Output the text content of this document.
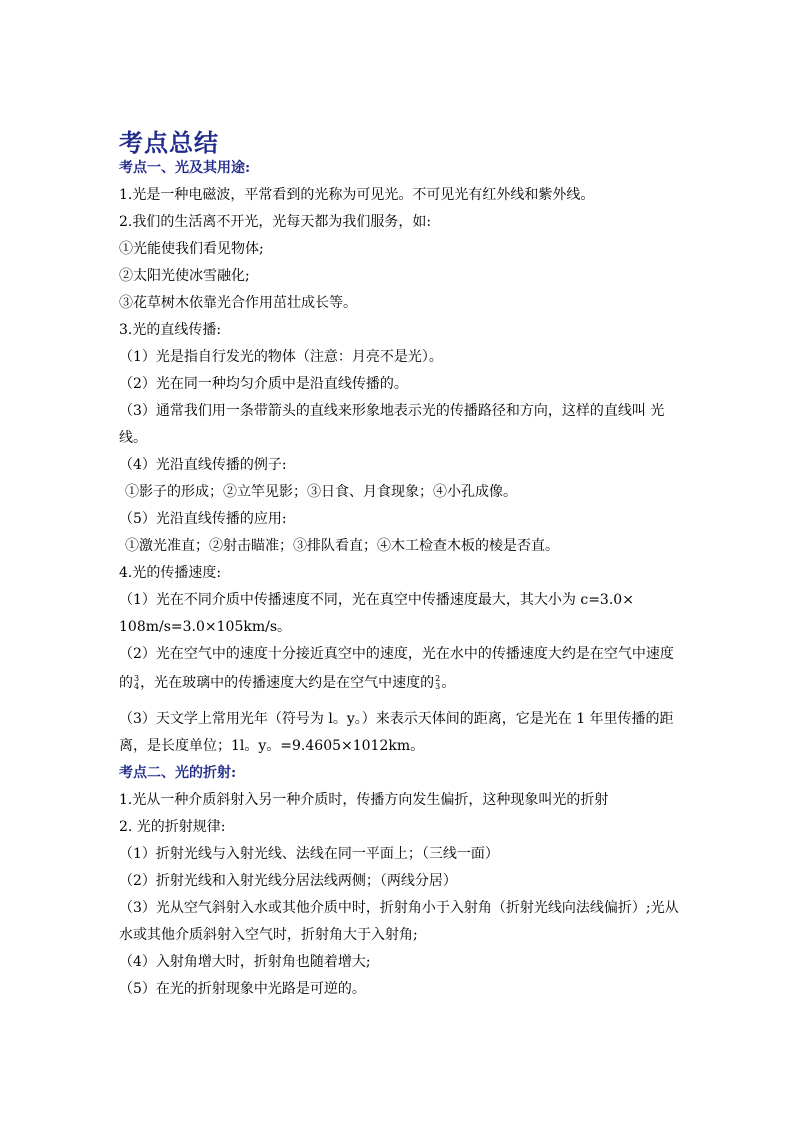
考点总结
考点一、光及其用途:
1.光是一种电磁波，平常看到的光称为可见光。不可见光有红外线和紫外线。
2.我们的生活离不开光，光每天都为我们服务，如:
①光能使我们看见物体;
②太阳光使冰雪融化;
③花草树木依靠光合作用茁壮成长等。
3.光的直线传播:
（1）光是指自行发光的物体（注意：月亮不是光）。
（2）光在同一种均匀介质中是沿直线传播的。
（3）通常我们用一条带箭头的直线来形象地表示光的传播路径和方向，这样的直线叫 光
线。
（4）光沿直线传播的例子:
①影子的形成；②立竿见影；③日食、月食现象；④小孔成像。
（5）光沿直线传播的应用:
①激光准直；②射击瞄准；③排队看直；④木工检查木板的棱是否直。
4.光的传播速度:
（1）光在不同介质中传播速度不同，光在真空中传播速度最大，其大小为 c=3.0×
108m/s=3.0×105km/s。
（2）光在空气中的速度十分接近真空中的速度，光在水中的传播速度大约是在空气中速度
的 3
4 ，光在玻璃中的传播速度大约是在空气中速度的 2
3 。
（3）天文学上常用光年（符号为 l。y。）来表示天体间的距离，它是光在 1 年里传播的距
离，是长度单位；1l。y。=9.4605×1012km。
考点二、光的折射:
1.光从一种介质斜射入另一种介质时，传播方向发生偏折，这种现象叫光的折射
2. 光的折射规律:
（1）折射光线与入射光线、法线在同一平面上；（三线一面）
（2）折射光线和入射光线分居法线两侧；（两线分居）
（3）光从空气斜射入水或其他介质中时，折射角小于入射角（折射光线向法线偏折）;光从
水或其他介质斜射入空气时，折射角大于入射角;
（4）入射角增大时，折射角也随着增大;
（5）在光的折射现象中光路是可逆的。
